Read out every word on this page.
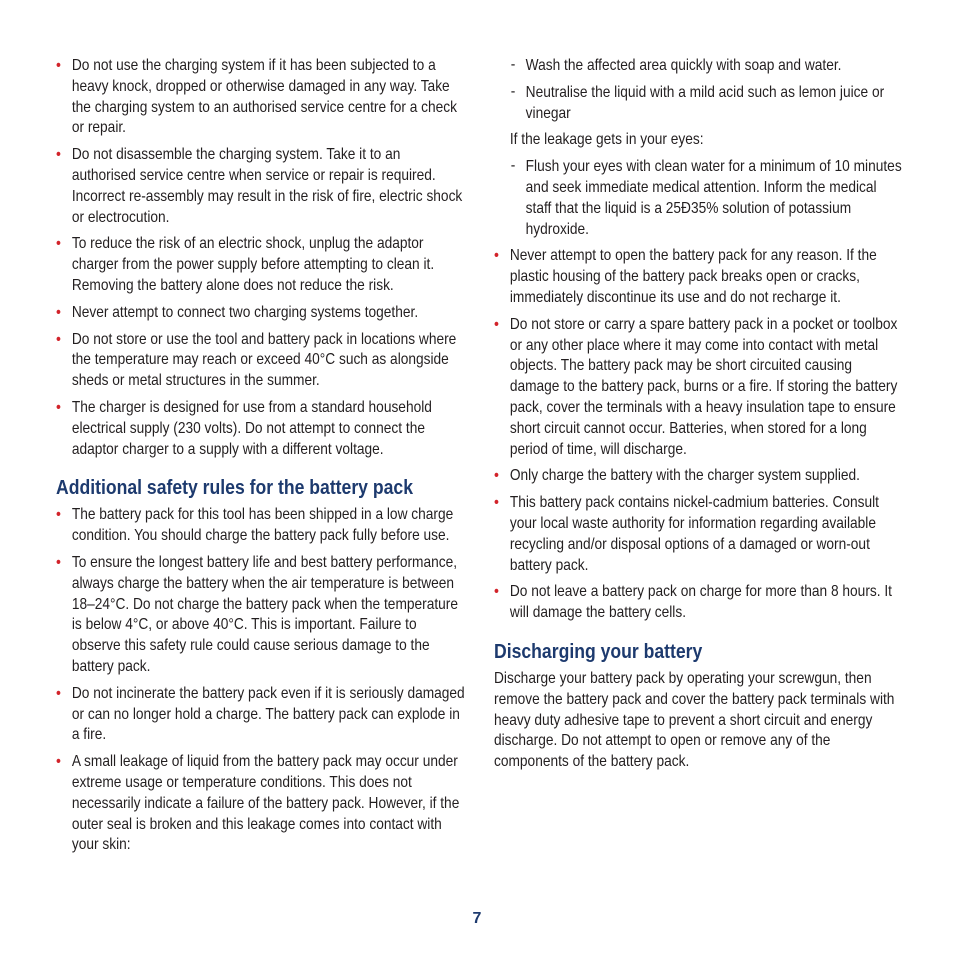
• Do not use the charging system if it has been subjected to a heavy knock, dropped or otherwise damaged in any way. Take the charging system to an authorised service centre for a check or repair.
• Do not disassemble the charging system. Take it to an authorised service centre when service or repair is required. Incorrect re-assembly may result in the risk of fire, electric shock or electrocution.
• To reduce the risk of an electric shock, unplug the adaptor charger from the power supply before attempting to clean it. Removing the battery alone does not reduce the risk.
• Never attempt to connect two charging systems together.
• Do not store or use the tool and battery pack in locations where the temperature may reach or exceed 40°C such as alongside sheds or metal structures in the summer.
• The charger is designed for use from a standard household electrical supply (230 volts). Do not attempt to connect the adaptor charger to a supply with a different voltage.
Additional safety rules for the battery pack
• The battery pack for this tool has been shipped in a low charge condition. You should charge the battery pack fully before use.
• To ensure the longest battery life and best battery performance, always charge the battery when the air temperature is between 18–24°C. Do not charge the battery pack when the temperature is below 4°C, or above 40°C. This is important. Failure to observe this safety rule could cause serious damage to the battery pack.
• Do not incinerate the battery pack even if it is seriously damaged or can no longer hold a charge. The battery pack can explode in a fire.
• A small leakage of liquid from the battery pack may occur under extreme usage or temperature conditions. This does not necessarily indicate a failure of the battery pack. However, if the outer seal is broken and this leakage comes into contact with your skin:
- Wash the affected area quickly with soap and water.
- Neutralise the liquid with a mild acid such as lemon juice or vinegar
If the leakage gets in your eyes:
- Flush your eyes with clean water for a minimum of 10 minutes and seek immediate medical attention. Inform the medical staff that the liquid is a 25Ð35% solution of potassium hydroxide.
• Never attempt to open the battery pack for any reason. If the plastic housing of the battery pack breaks open or cracks, immediately discontinue its use and do not recharge it.
• Do not store or carry a spare battery pack in a pocket or toolbox or any other place where it may come into contact with metal objects. The battery pack may be short circuited causing damage to the battery pack, burns or a fire. If storing the battery pack, cover the terminals with a heavy insulation tape to ensure short circuit cannot occur. Batteries, when stored for a long period of time, will discharge.
• Only charge the battery with the charger system supplied.
• This battery pack contains nickel-cadmium batteries. Consult your local waste authority for information regarding available recycling and/or disposal options of a damaged or worn-out battery pack.
• Do not leave a battery pack on charge for more than 8 hours. It will damage the battery cells.
Discharging your battery
Discharge your battery pack by operating your screwgun, then remove the battery pack and cover the battery pack terminals with heavy duty adhesive tape to prevent a short circuit and energy discharge. Do not attempt to open or remove any of the components of the battery pack.
7
